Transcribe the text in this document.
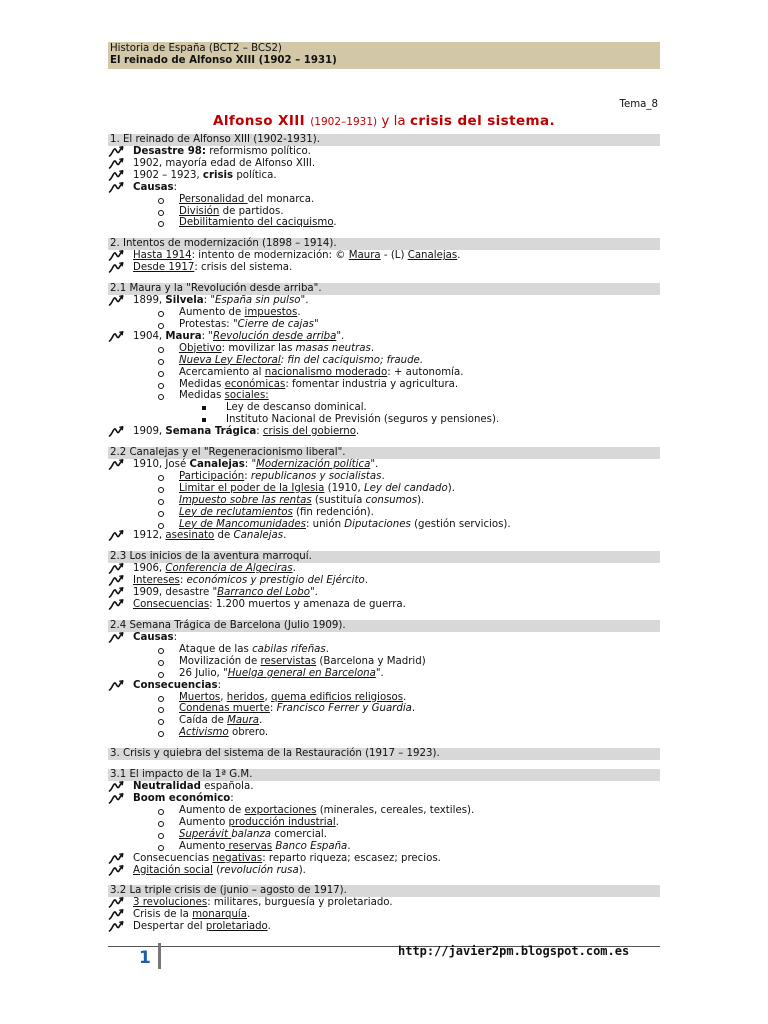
Historia de España (BCT2 – BCS2)
El reinado de Alfonso XIII (1902 – 1931)
Tema_8
Alfonso XIII (1902–1931) y la crisis del sistema.
1. El reinado de Alfonso XIII (1902-1931).
Desastre 98: reformismo político.
1902, mayoría edad de Alfonso XIII.
1902 – 1923, crisis política.
Causas:
Personalidad del monarca.
División de partidos.
Debilitamiento del caciquismo.
2. Intentos de modernización (1898 – 1914).
Hasta 1914: intento de modernización: © Maura - (L) Canalejas.
Desde 1917: crisis del sistema.
2.1 Maura y la "Revolución desde arriba".
1899, Silvela: "España sin pulso".
Aumento de impuestos.
Protestas: "Cierre de cajas"
1904, Maura: "Revolución desde arriba".
Objetivo: movilizar las masas neutras.
Nueva Ley Electoral: fin del caciquismo; fraude.
Acercamiento al nacionalismo moderado: + autonomía.
Medidas económicas: fomentar industria y agricultura.
Medidas sociales:
Ley de descanso dominical.
Instituto Nacional de Previsión (seguros y pensiones).
1909, Semana Trágica: crisis del gobierno.
2.2 Canalejas y el "Regeneracionismo liberal".
1910, José Canalejas: "Modernización política".
Participación: republicanos y socialistas.
Limitar el poder de la Iglesia (1910, Ley del candado).
Impuesto sobre las rentas (sustituía consumos).
Ley de reclutamientos (fin redención).
Ley de Mancomunidades: unión Diputaciones (gestión servicios).
1912, asesinato de Canalejas.
2.3 Los inicios de la aventura marroquí.
1906, Conferencia de Algeciras.
Intereses: económicos y prestigio del Ejército.
1909, desastre "Barranco del Lobo".
Consecuencias: 1.200 muertos y amenaza de guerra.
2.4 Semana Trágica de Barcelona (Julio 1909).
Causas:
Ataque de las cabilas rifeñas.
Movilización de reservistas (Barcelona y Madrid)
26 Julio, "Huelga general en Barcelona".
Consecuencias:
Muertos, heridos, quema edificios religiosos.
Condenas muerte: Francisco Ferrer y Guardia.
Caída de Maura.
Activismo obrero.
3. Crisis y quiebra del sistema de la Restauración (1917 – 1923).
3.1 El impacto de la 1ª G.M.
Neutralidad española.
Boom económico:
Aumento de exportaciones (minerales, cereales, textiles).
Aumento producción industrial.
Superávit balanza comercial.
Aumento reservas Banco España.
Consecuencias negativas: reparto riqueza; escasez; precios.
Agitación social (revolución rusa).
3.2 La triple crisis de (junio – agosto de 1917).
3 revoluciones: militares, burguesía y proletariado.
Crisis de la monarquía.
Despertar del proletariado.
1	http://javier2pm.blogspot.com.es
